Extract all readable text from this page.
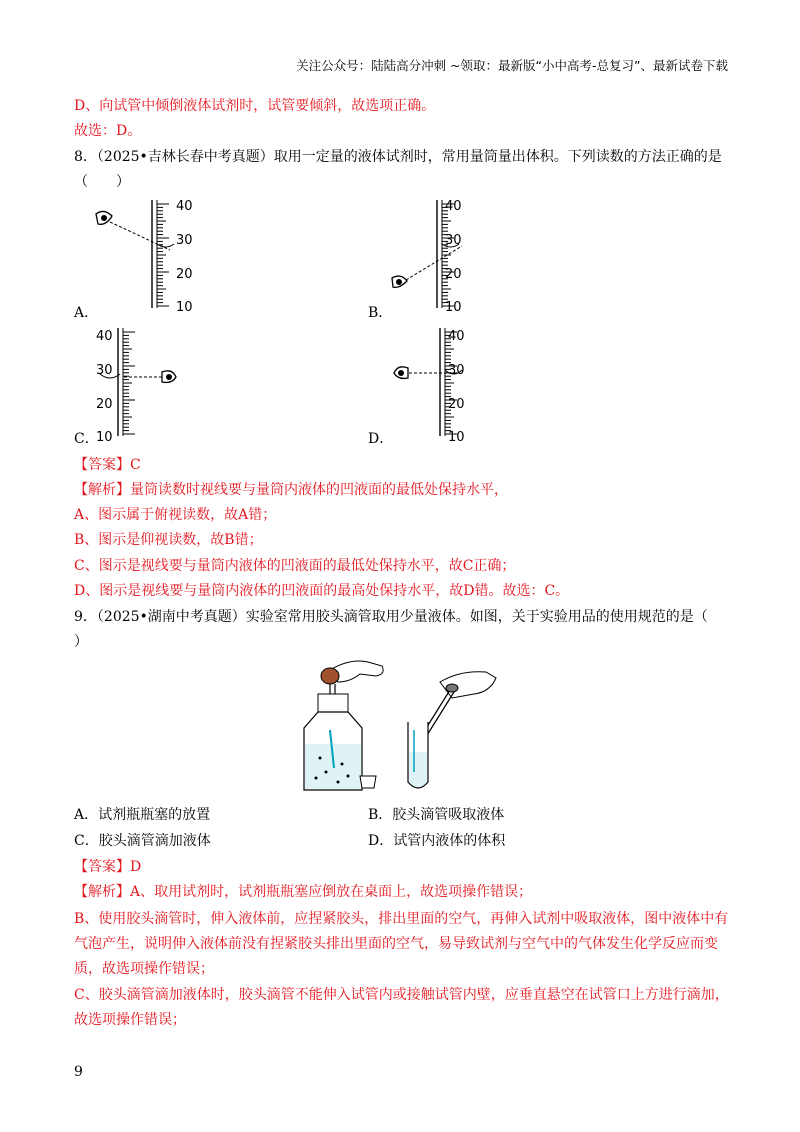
关注公众号：陆陆高分冲刺 ~领取：最新版“小中高考-总复习”、最新试卷下载
D、向试管中倾倒液体试剂时，试管要倾斜，故选项正确。
故选：D。
8．（2025•吉林长春中考真题）取用一定量的液体试剂时，常用量筒量出体积。下列读数的方法正确的是
（　　）
40
30
20
10
40
30
20
10
40
30
20
10
40
30
20
10
A．	B．
C．	D．
【答案】C
【解析】量筒读数时视线要与量筒内液体的凹液面的最低处保持水平，
A、图示属于俯视读数，故A错；
B、图示是仰视读数，故B错；
C、图示是视线要与量筒内液体的凹液面的最低处保持水平，故C正确；
D、图示是视线要与量筒内液体的凹液面的最高处保持水平，故D错。故选：C。
9．（2025•湖南中考真题）实验室常用胶头滴管取用少量液体。如图，关于实验用品的使用规范的是（
）
A．试剂瓶瓶塞的放置	B．胶头滴管吸取液体
C．胶头滴管滴加液体	D．试管内液体的体积
【答案】D
【解析】A、取用试剂时，试剂瓶瓶塞应倒放在桌面上，故选项操作错误；
B、使用胶头滴管时，伸入液体前，应捏紧胶头，排出里面的空气，再伸入试剂中吸取液体，图中液体中有气泡产生，说明伸入液体前没有捏紧胶头排出里面的空气，易导致试剂与空气中的气体发生化学反应而变质，故选项操作错误；
C、胶头滴管滴加液体时，胶头滴管不能伸入试管内或接触试管内壁，应垂直悬空在试管口上方进行滴加，故选项操作错误；
9
